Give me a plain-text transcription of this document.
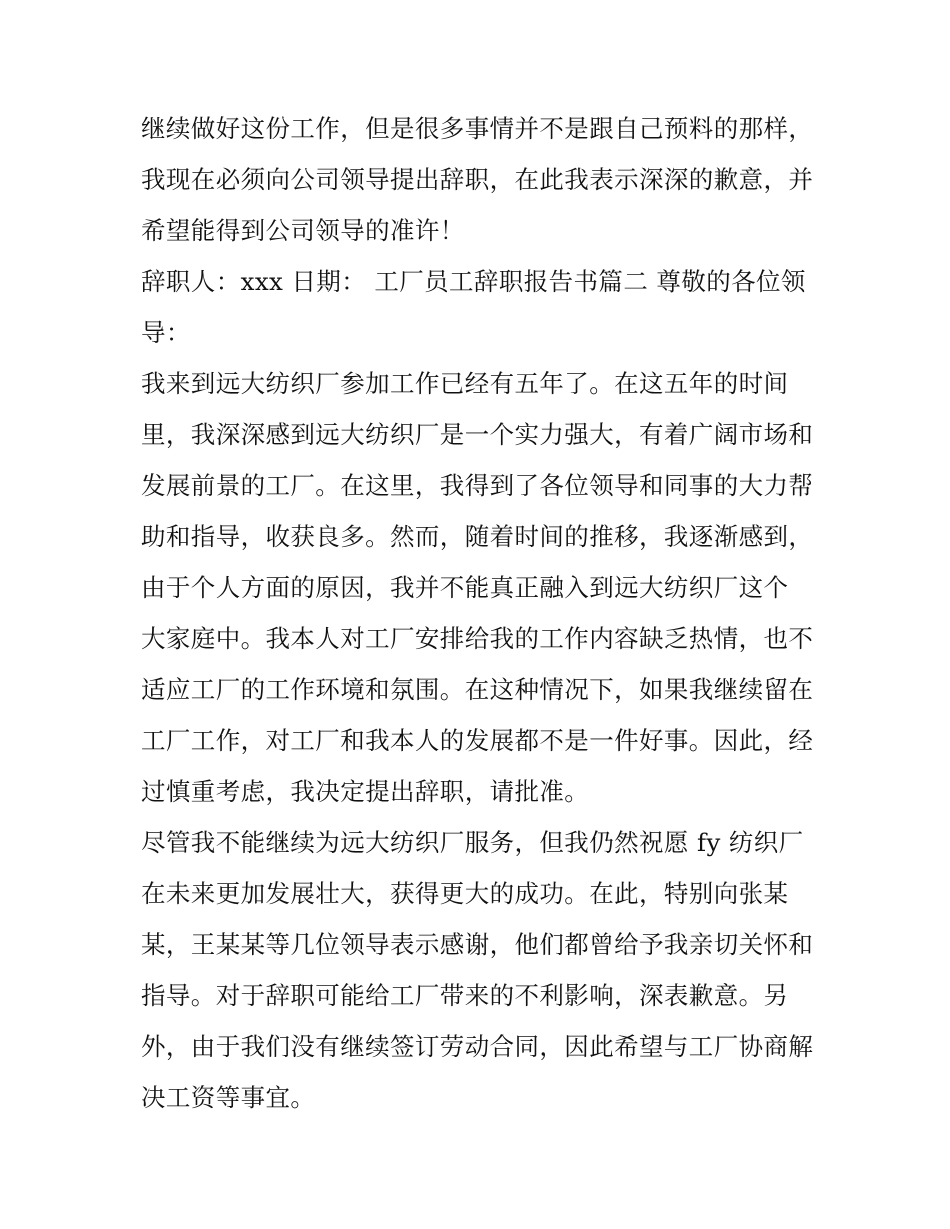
继续做好这份工作，但是很多事情并不是跟自己预料的那样，
我现在必须向公司领导提出辞职，在此我表示深深的歉意，并
希望能得到公司领导的准许！
辞职人：xxx 日期： 工厂员工辞职报告书篇二 尊敬的各位领
导：
我来到远大纺织厂参加工作已经有五年了。在这五年的时间
里，我深深感到远大纺织厂是一个实力强大，有着广阔市场和
发展前景的工厂。在这里，我得到了各位领导和同事的大力帮
助和指导，收获良多。然而，随着时间的推移，我逐渐感到，
由于个人方面的原因，我并不能真正融入到远大纺织厂这个
大家庭中。我本人对工厂安排给我的工作内容缺乏热情，也不
适应工厂的工作环境和氛围。在这种情况下，如果我继续留在
工厂工作，对工厂和我本人的发展都不是一件好事。因此，经
过慎重考虑，我决定提出辞职，请批准。
尽管我不能继续为远大纺织厂服务，但我仍然祝愿 fy 纺织厂
在未来更加发展壮大，获得更大的成功。在此，特别向张某
某，王某某等几位领导表示感谢，他们都曾给予我亲切关怀和
指导。对于辞职可能给工厂带来的不利影响，深表歉意。另
外，由于我们没有继续签订劳动合同，因此希望与工厂协商解
决工资等事宜。
